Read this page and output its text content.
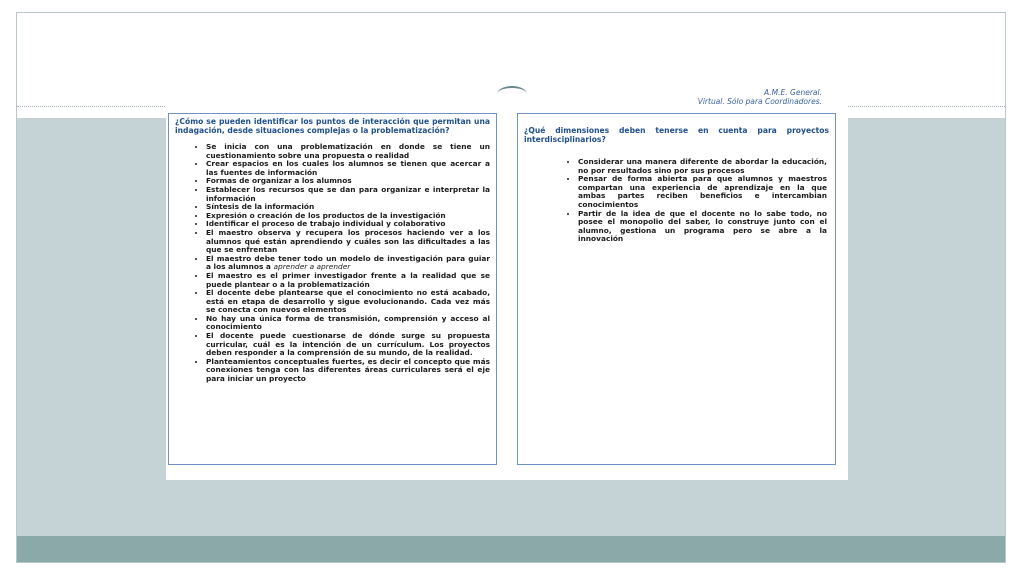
A.M.E. General.
Virtual. Sólo para Coordinadores.
¿Cómo se pueden identificar los puntos de interacción que permitan una indagación, desde situaciones complejas o la problematización?
• Se inicia con una problematización en donde se tiene un cuestionamiento sobre una propuesta o realidad
• Crear espacios en los cuales los alumnos se tienen que acercar a las fuentes de información
• Formas de organizar a los alumnos
• Establecer los recursos que se dan para organizar e interpretar la información
• Síntesis de la información
• Expresión o creación de los productos de la investigación
• Identificar el proceso de trabajo individual y colaborativo
• El maestro observa y recupera los procesos haciendo ver a los alumnos qué están aprendiendo y cuáles son las dificultades a las que se enfrentan
• El maestro debe tener todo un modelo de investigación para guiar a los alumnos a aprender a aprender
• El maestro es el primer investigador frente a la realidad que se puede plantear o a la problematización
• El docente debe plantearse que el conocimiento no está acabado, está en etapa de desarrollo y sigue evolucionando. Cada vez más se conecta con nuevos elementos
• No hay una única forma de transmisión, comprensión y acceso al conocimiento
• El docente puede cuestionarse de dónde surge su propuesta curricular, cuál es la intención de un currículum. Los proyectos deben responder a la comprensión de su mundo, de la realidad.
• Planteamientos conceptuales fuertes, es decir el concepto que más conexiones tenga con las diferentes áreas curriculares será el eje para iniciar un proyecto
¿Qué dimensiones deben tenerse en cuenta para proyectos interdisciplinarios?
• Considerar una manera diferente de abordar la educación, no por resultados sino por sus procesos
• Pensar de forma abierta para que alumnos y maestros compartan una experiencia de aprendizaje en la que ambas partes reciben beneficios e intercambian conocimientos
• Partir de la idea de que el docente no lo sabe todo, no posee el monopolio del saber, lo construye junto con el alumno, gestiona un programa pero se abre a la innovación
